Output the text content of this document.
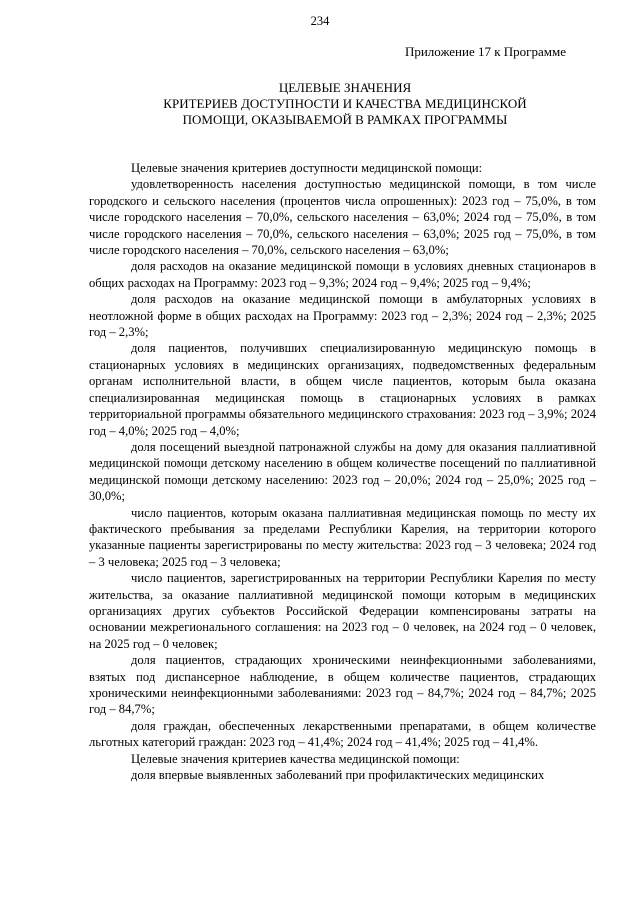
234
Приложение 17 к Программе
ЦЕЛЕВЫЕ ЗНАЧЕНИЯ
КРИТЕРИЕВ ДОСТУПНОСТИ И КАЧЕСТВА МЕДИЦИНСКОЙ
ПОМОЩИ, ОКАЗЫВАЕМОЙ В РАМКАХ ПРОГРАММЫ

Целевые значения критериев доступности медицинской помощи:

удовлетворенность населения доступностью медицинской помощи, в том числе городского и сельского населения (процентов числа опрошенных): 2023 год – 75,0%, в том числе городского населения – 70,0%, сельского населения – 63,0%; 2024 год – 75,0%, в том числе городского населения – 70,0%, сельского населения – 63,0%; 2025 год – 75,0%, в том числе городского населения – 70,0%, сельского населения – 63,0%;

доля расходов на оказание медицинской помощи в условиях дневных стационаров в общих расходах на Программу: 2023 год – 9,3%; 2024 год – 9,4%; 2025 год – 9,4%;

доля расходов на оказание медицинской помощи в амбулаторных условиях в неотложной форме в общих расходах на Программу: 2023 год – 2,3%; 2024 год – 2,3%; 2025 год – 2,3%;

доля пациентов, получивших специализированную медицинскую помощь в стационарных условиях в медицинских организациях, подведомственных федеральным органам исполнительной власти, в общем числе пациентов, которым была оказана специализированная медицинская помощь в стационарных условиях в рамках территориальной программы обязательного медицинского страхования: 2023 год – 3,9%; 2024 год – 4,0%; 2025 год – 4,0%;

доля посещений выездной патронажной службы на дому для оказания паллиативной медицинской помощи детскому населению в общем количестве посещений по паллиативной медицинской помощи детскому населению: 2023 год – 20,0%; 2024 год – 25,0%; 2025 год – 30,0%;

число пациентов, которым оказана паллиативная медицинская помощь по месту их фактического пребывания за пределами Республики Карелия, на территории которого указанные пациенты зарегистрированы по месту жительства: 2023 год – 3 человека; 2024 год – 3 человека; 2025 год – 3 человека;

число пациентов, зарегистрированных на территории Республики Карелия по месту жительства, за оказание паллиативной медицинской помощи которым в медицинских организациях других субъектов Российской Федерации компенсированы затраты на основании межрегионального соглашения: на 2023 год – 0 человек, на 2024 год – 0 человек, на 2025 год – 0 человек;

доля пациентов, страдающих хроническими неинфекционными заболеваниями, взятых под диспансерное наблюдение, в общем количестве пациентов, страдающих хроническими неинфекционными заболеваниями: 2023 год – 84,7%; 2024 год – 84,7%; 2025 год – 84,7%;

доля граждан, обеспеченных лекарственными препаратами, в общем количестве льготных категорий граждан: 2023 год – 41,4%; 2024 год – 41,4%; 2025 год – 41,4%.

Целевые значения критериев качества медицинской помощи:

доля впервые выявленных заболеваний при профилактических медицинских
